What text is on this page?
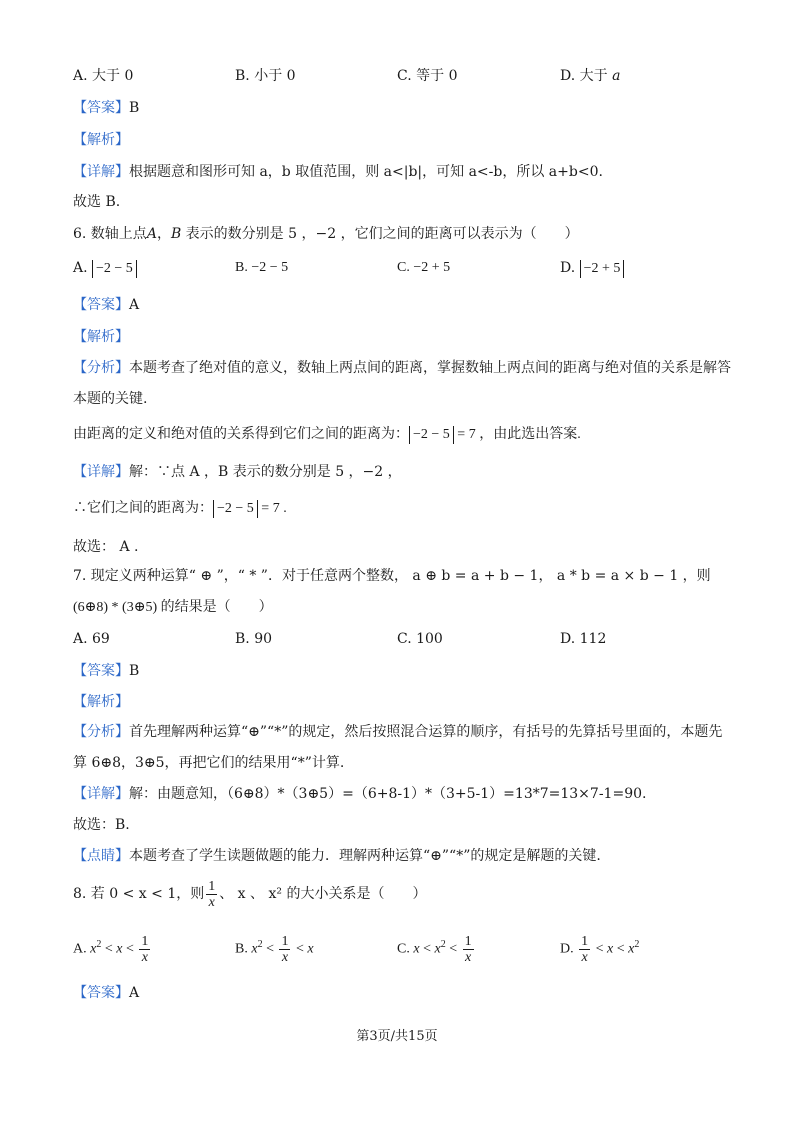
A. 大于 0	B. 小于 0	C. 等于 0	D. 大于 a
【答案】B
【解析】
【详解】根据题意和图形可知 a，b 取值范围，则 a<|b|，可知 a<-b，所以 a+b<0.
故选 B.
6. 数轴上点A，B 表示的数分别是 5 ，−2 ，它们之间的距离可以表示为（　　）
A. −2 − 5	B. −2 − 5	C. −2 + 5	D. −2 + 5
【答案】A
【解析】
【分析】本题考查了绝对值的意义，数轴上两点间的距离，掌握数轴上两点间的距离与绝对值的关系是解答
本题的关键.
由距离的定义和绝对值的关系得到它们之间的距离为： −2 − 5 = 7 ，由此选出答案.
【详解】解：∵点 A ，B 表示的数分别是 5 ，−2 ，
∴它们之间的距离为： −2 − 5 = 7 .
故选： A .
7. 现定义两种运算“ ⊕ ”，“ * ”．对于任意两个整数， a ⊕ b = a + b − 1， a * b = a × b − 1 ，则
(6⊕8) * (3⊕5) 的结果是（　　）
A. 69	B. 90	C. 100	D. 112
【答案】B
【解析】
【分析】首先理解两种运算“⊕”“*”的规定，然后按照混合运算的顺序，有括号的先算括号里面的，本题先
算 6⊕8，3⊕5，再把它们的结果用“*”计算.
【详解】解：由题意知，（6⊕8）*（3⊕5）=（6+8-1）*（3+5-1）=13*7=13×7-1=90.
故选：B.
【点睛】本题考查了学生读题做题的能力．理解两种运算“⊕”“*”的规定是解题的关键.
8. 若 0 < x < 1，则 $\frac{1}{x}$ 、 x 、 x² 的大小关系是（　　）
A. $x^2 < x < \frac{1}{x}$	B. $x^2 < \frac{1}{x} < x$	C. $x < x^2 < \frac{1}{x}$	D. $\frac{1}{x} < x < x^2$
【答案】A
第3页/共15页
